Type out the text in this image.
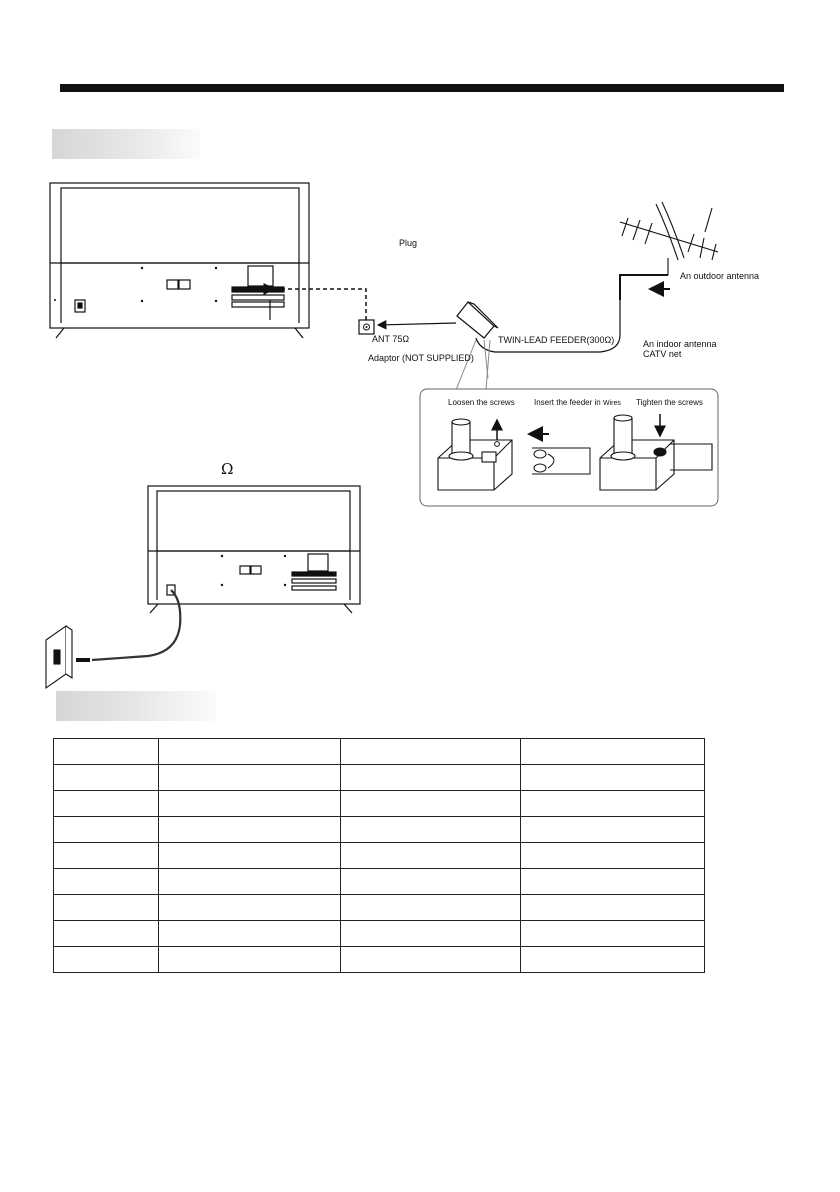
Plug
An outdoor antenna
ANT 75Ω	TWIN-LEAD FEEDER(300Ω)	An indoor antenna
CATV net
Adaptor (NOT SUPPLIED)
Loosen the screws Insert the feeder in Wires Tighten the screws
Ω
